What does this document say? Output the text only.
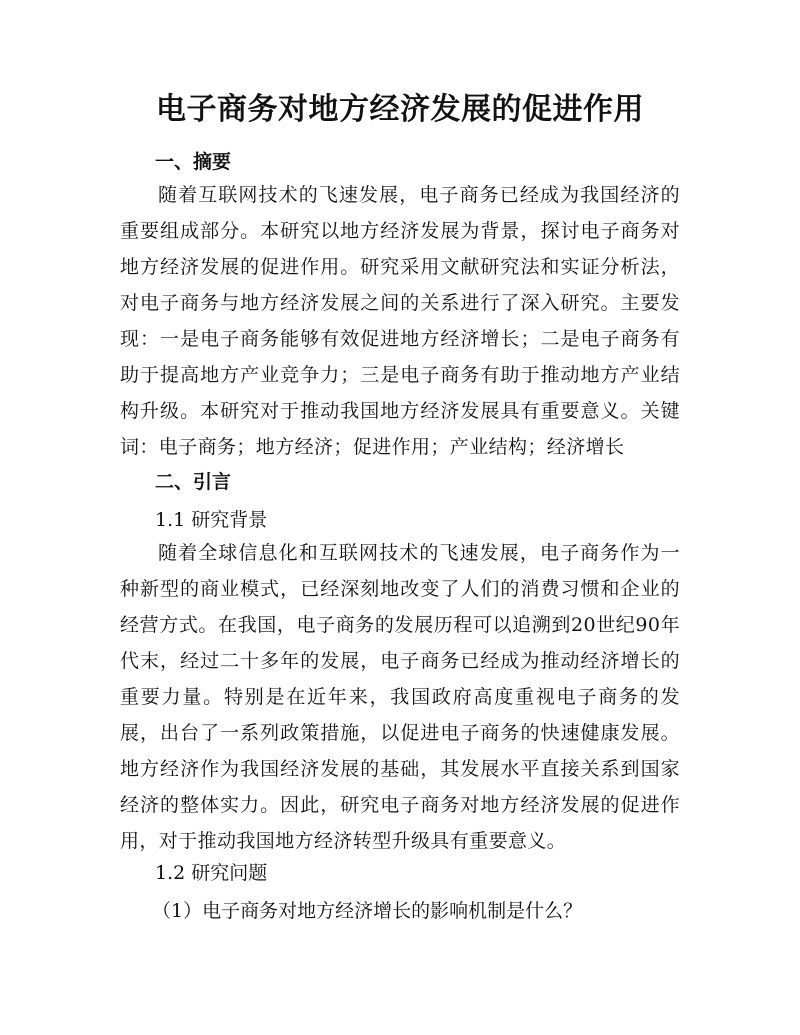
电子商务对地方经济发展的促进作用
一、摘要
随着互联网技术的飞速发展，电子商务已经成为我国经济的重要组成部分。本研究以地方经济发展为背景，探讨电子商务对地方经济发展的促进作用。研究采用文献研究法和实证分析法，对电子商务与地方经济发展之间的关系进行了深入研究。主要发现：一是电子商务能够有效促进地方经济增长；二是电子商务有助于提高地方产业竞争力；三是电子商务有助于推动地方产业结构升级。本研究对于推动我国地方经济发展具有重要意义。关键词：电子商务；地方经济；促进作用；产业结构；经济增长
二、引言
1.1 研究背景
随着全球信息化和互联网技术的飞速发展，电子商务作为一种新型的商业模式，已经深刻地改变了人们的消费习惯和企业的经营方式。在我国，电子商务的发展历程可以追溯到20世纪90年代末，经过二十多年的发展，电子商务已经成为推动经济增长的重要力量。特别是在近年来，我国政府高度重视电子商务的发展，出台了一系列政策措施，以促进电子商务的快速健康发展。地方经济作为我国经济发展的基础，其发展水平直接关系到国家经济的整体实力。因此，研究电子商务对地方经济发展的促进作用，对于推动我国地方经济转型升级具有重要意义。
1.2 研究问题
（1）电子商务对地方经济增长的影响机制是什么？
